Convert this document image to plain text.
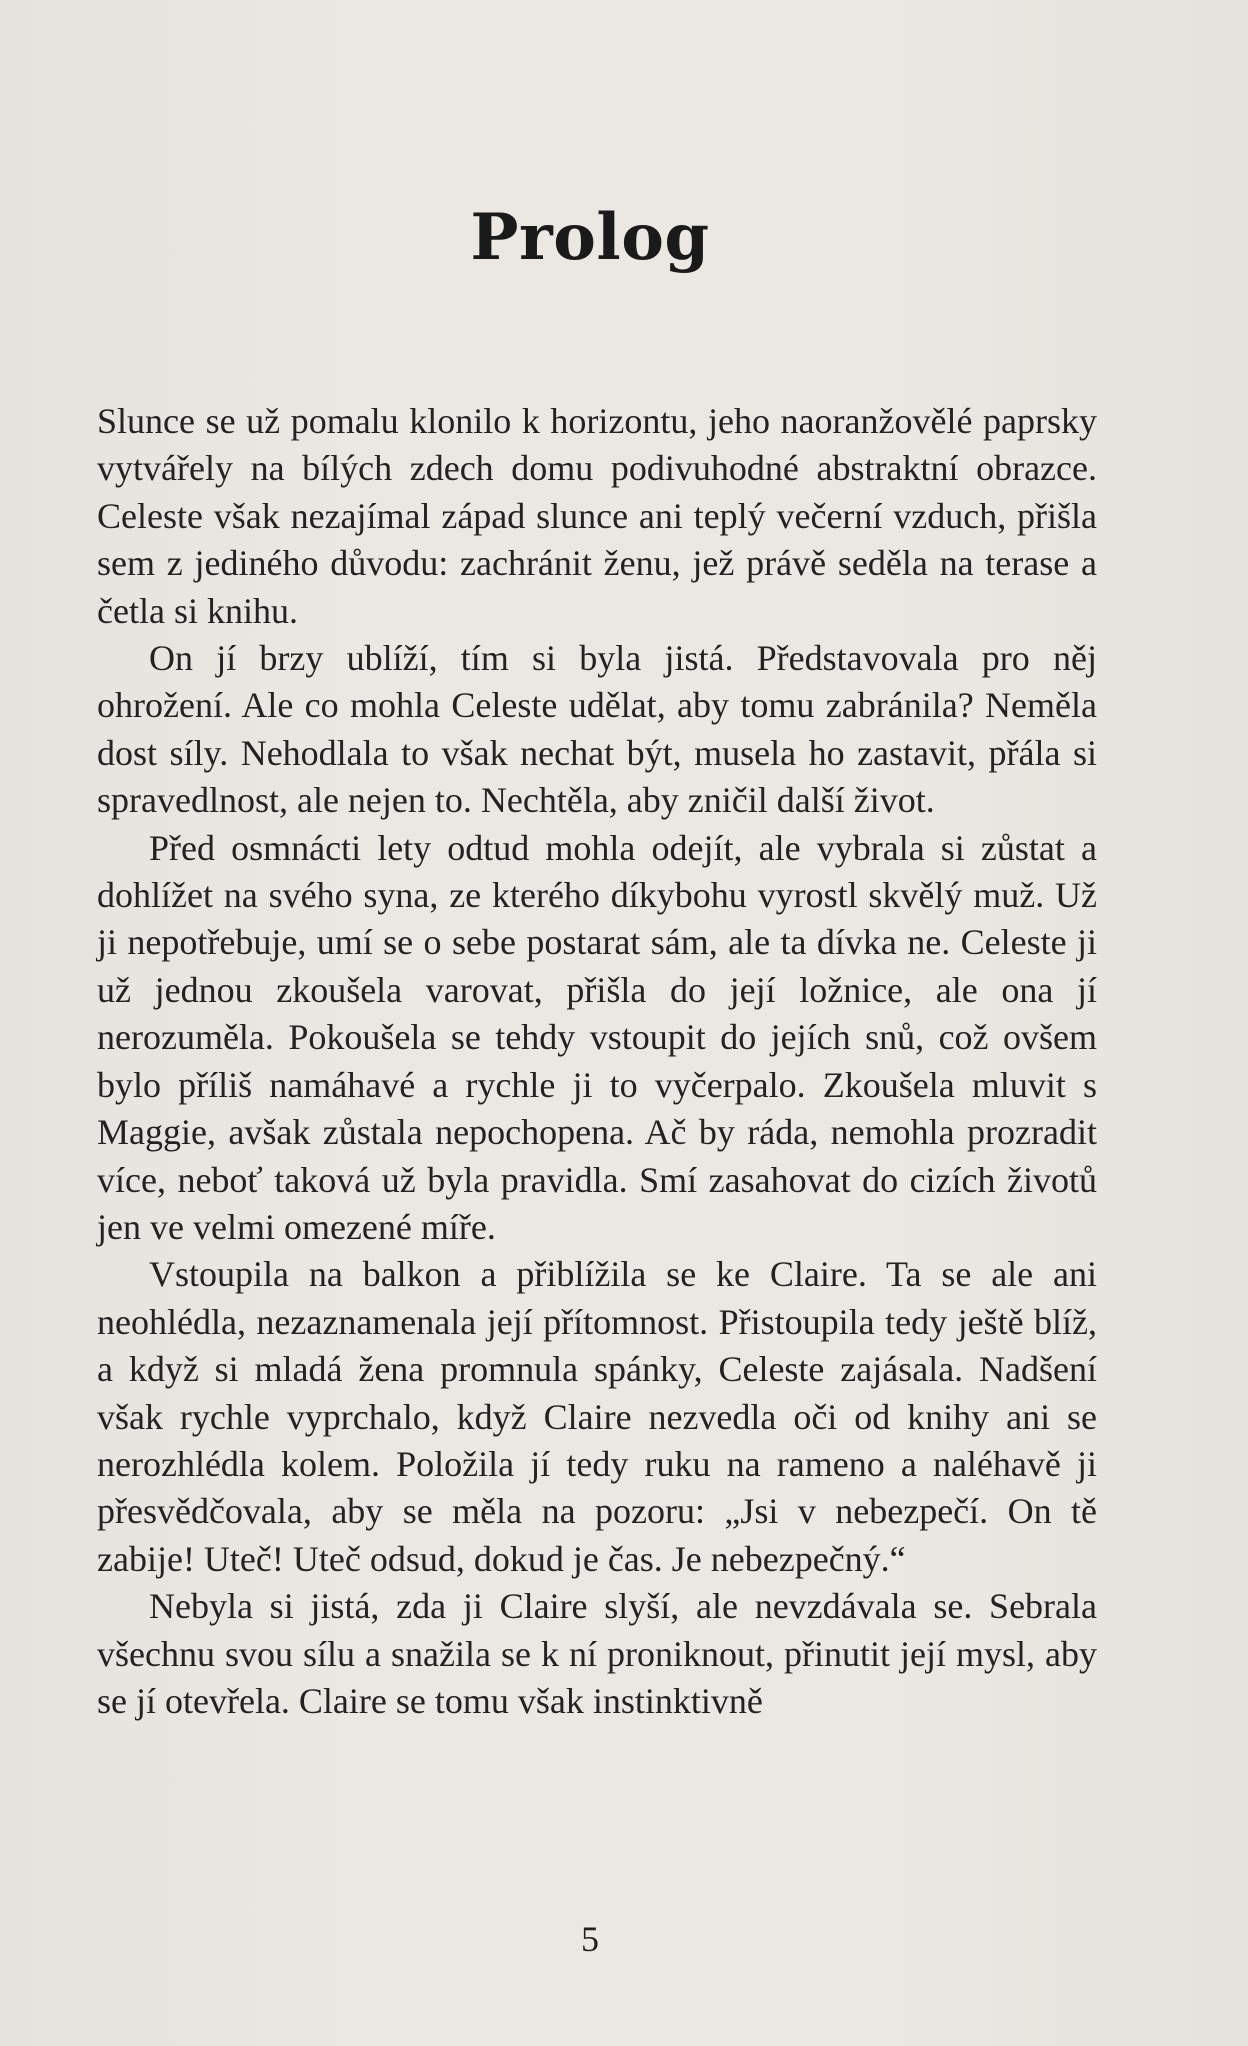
Prolog

Slunce se už pomalu klonilo k horizontu, jeho naoranžovělé paprsky vytvářely na bílých zdech domu podivuhodné abstraktní obrazce. Celeste však nezajímal západ slunce ani teplý večerní vzduch, přišla sem z jediného důvodu: zachránit ženu, jež právě seděla na terase a četla si knihu.

On jí brzy ublíží, tím si byla jistá. Představovala pro něj ohrožení. Ale co mohla Celeste udělat, aby tomu zabránila? Neměla dost síly. Nehodlala to však nechat být, musela ho zastavit, přála si spravedlnost, ale nejen to. Nechtěla, aby zničil další život.

Před osmnácti lety odtud mohla odejít, ale vybrala si zůstat a dohlížet na svého syna, ze kterého díkybohu vyrostl skvělý muž. Už ji nepotřebuje, umí se o sebe postarat sám, ale ta dívka ne. Celeste ji už jednou zkoušela varovat, přišla do její ložnice, ale ona jí nerozuměla. Pokoušela se tehdy vstoupit do jejích snů, což ovšem bylo příliš namáhavé a rychle ji to vyčerpalo. Zkoušela mluvit s Maggie, avšak zůstala nepochopena. Ač by ráda, nemohla prozradit více, neboť taková už byla pravidla. Smí zasahovat do cizích životů jen ve velmi omezené míře.

Vstoupila na balkon a přiblížila se ke Claire. Ta se ale ani neohlédla, nezaznamenala její přítomnost. Přistoupila tedy ještě blíž, a když si mladá žena promnula spánky, Celeste zajásala. Nadšení však rychle vyprchalo, když Claire nezvedla oči od knihy ani se nerozhlédla kolem. Položila jí tedy ruku na rameno a naléhavě ji přesvědčovala, aby se měla na pozoru: „Jsi v nebezpečí. On tě zabije! Uteč! Uteč odsud, dokud je čas. Je nebezpečný.“

Nebyla si jistá, zda ji Claire slyší, ale nevzdávala se. Sebrala všechnu svou sílu a snažila se k ní proniknout, přinutit její mysl, aby se jí otevřela. Claire se tomu však instinktivně

5
